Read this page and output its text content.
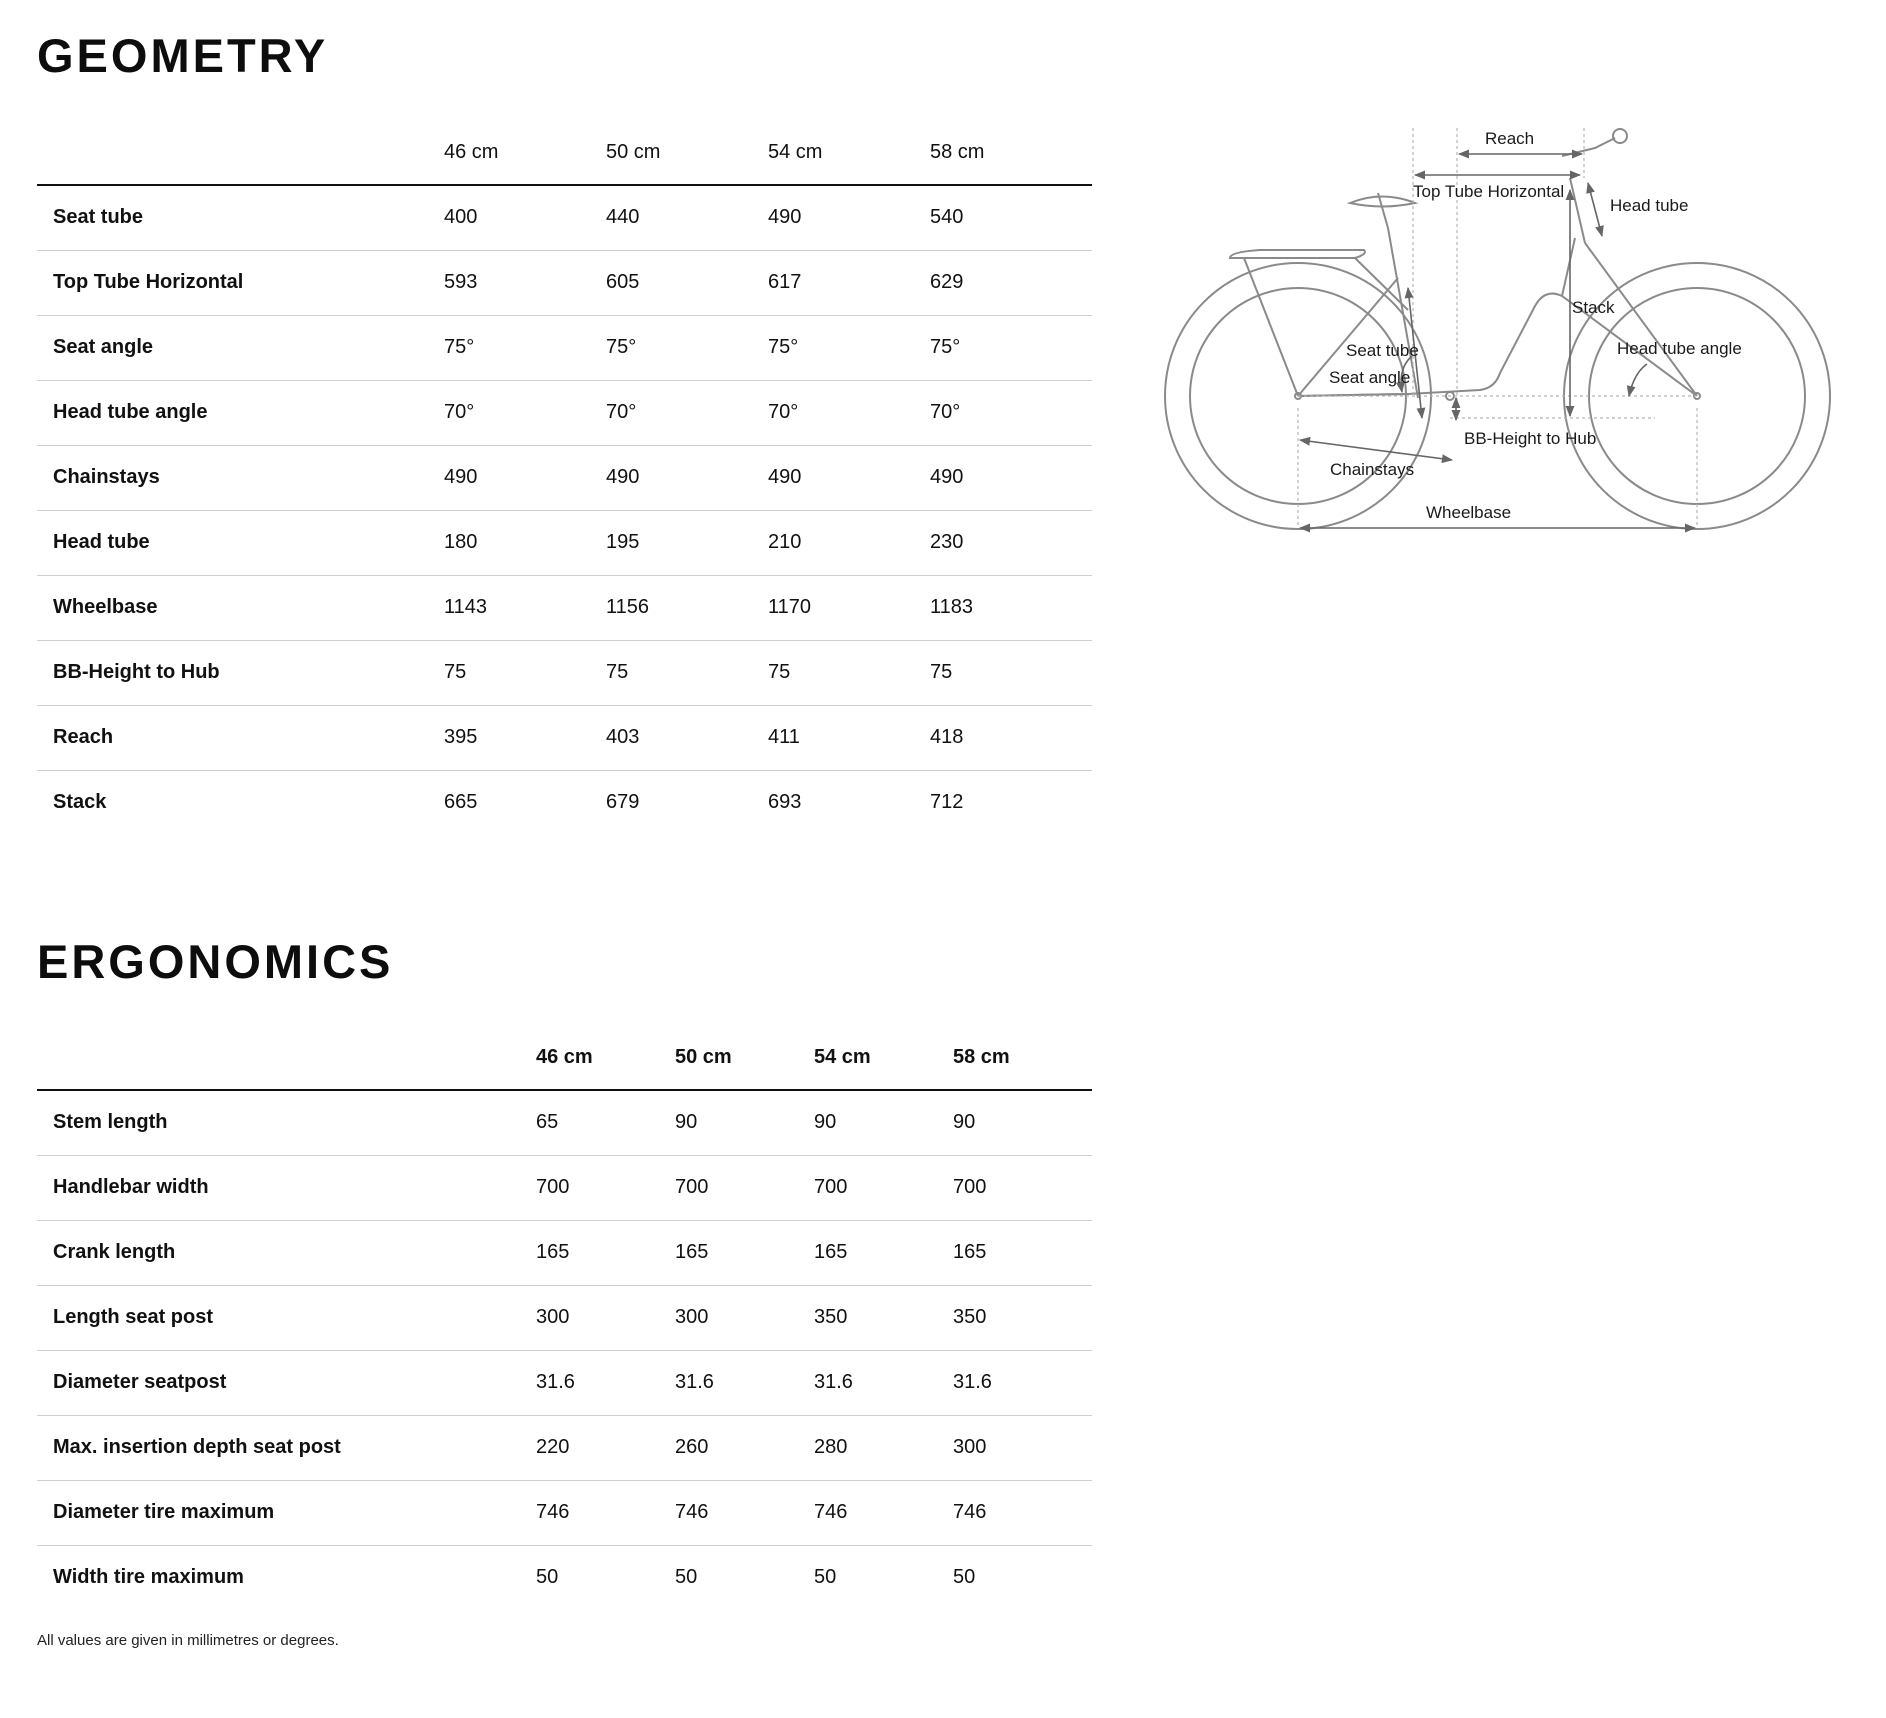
GEOMETRY
	46 cm	50 cm	54 cm	58 cm
Seat tube	400	440	490	540
Top Tube Horizontal	593	605	617	629
Seat angle	75°	75°	75°	75°
Head tube angle	70°	70°	70°	70°
Chainstays	490	490	490	490
Head tube	180	195	210	230
Wheelbase	1143	1156	1170	1183
BB-Height to Hub	75	75	75	75
Reach	395	403	411	418
Stack	665	679	693	712
ERGONOMICS
	46 cm	50 cm	54 cm	58 cm
Stem length	65	90	90	90
Handlebar width	700	700	700	700
Crank length	165	165	165	165
Length seat post	300	300	350	350
Diameter seatpost	31.6	31.6	31.6	31.6
Max. insertion depth seat post	220	260	280	300
Diameter tire maximum	746	746	746	746
Width tire maximum	50	50	50	50
All values are given in millimetres or degrees.
Reach
Top Tube Horizontal
Head tube
Stack
Seat tube
Seat angle
Head tube angle
BB-Height to Hub
Chainstays
Wheelbase
